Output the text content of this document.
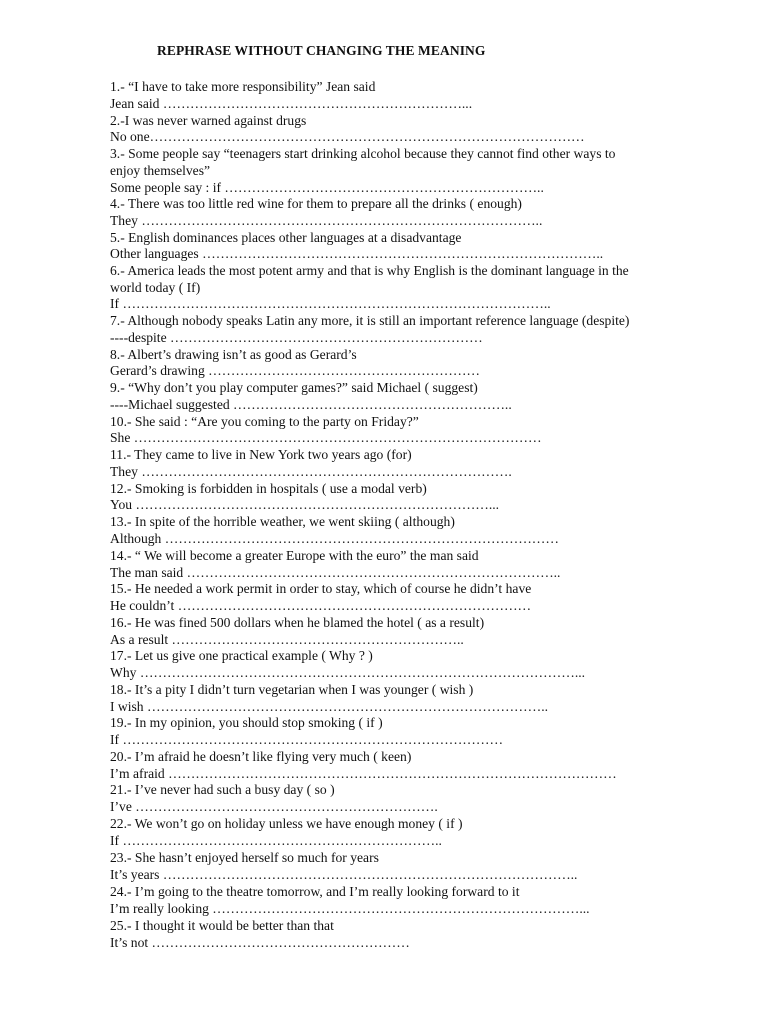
REPHRASE WITHOUT CHANGING THE MEANING
1.- “I have to take more responsibility” Jean said
Jean said …………………………………………………………...
2.-I was never warned against drugs
No one……………………………………………………………………………………
3.- Some people say “teenagers start drinking alcohol because they cannot find other ways to
enjoy themselves”
Some people say : if ……………………………………………………………..
4.- There was too little red wine for them to prepare all the drinks ( enough)
They ……………………………………………………………………………..
5.- English dominances places other languages at a disadvantage
Other languages ……………………………………………………………………………..
6.- America leads the most potent army and that is why English is the dominant language in the
world today ( If)
If …………………………………………………………………………………..
7.- Although nobody speaks Latin any more, it is still an important reference language (despite)
----despite ……………………………………………………………
8.- Albert’s drawing isn’t as good as Gerard’s
Gerard’s drawing ……………………………………………………
9.- “Why don’t you play computer games?” said Michael ( suggest)
----Michael suggested ……………………………………………………..
10.- She said : “Are you coming to the party on Friday?”
She ………………………………………………………………………………
11.- They came to live in New York two years ago (for)
They ……………………………………………………………………….
12.- Smoking is forbidden in hospitals ( use a modal verb)
You ……………………………………………………………………...
13.- In spite of the horrible weather, we went skiing ( although)
Although ……………………………………………………………………………
14.- “ We will become a greater Europe with the euro” the man said
The man said ………………………………………………………………………..
15.- He needed a work permit in order to stay, which of course he didn’t have
He couldn’t ……………………………………………………………………
16.- He was fined 500 dollars when he blamed the hotel ( as a result)
As a result ………………………………………………………..
17.- Let us give one practical example ( Why ? )
Why ……………………………………………………………………………………...
18.- It’s a pity I didn’t turn vegetarian when I was younger ( wish )
I wish ……………………………………………………………………………..
19.- In my opinion, you should stop smoking ( if )
If …………………………………………………………………………
20.- I’m afraid he doesn’t like flying very much ( keen)
I’m afraid ………………………………………………………………………………………
21.- I’ve never had such a busy day ( so )
I’ve ………………………………………………………….
22.- We won’t go on holiday unless we have enough money ( if )
If ……………………………………………………………..
23.- She hasn’t enjoyed herself so much for years
It’s years ………………………………………………………………………………..
24.- I’m going to the theatre tomorrow, and I’m really looking forward to it
I’m really looking ………………………………………………………………………...
25.- I thought it would be better than that
It’s not …………………………………………………
